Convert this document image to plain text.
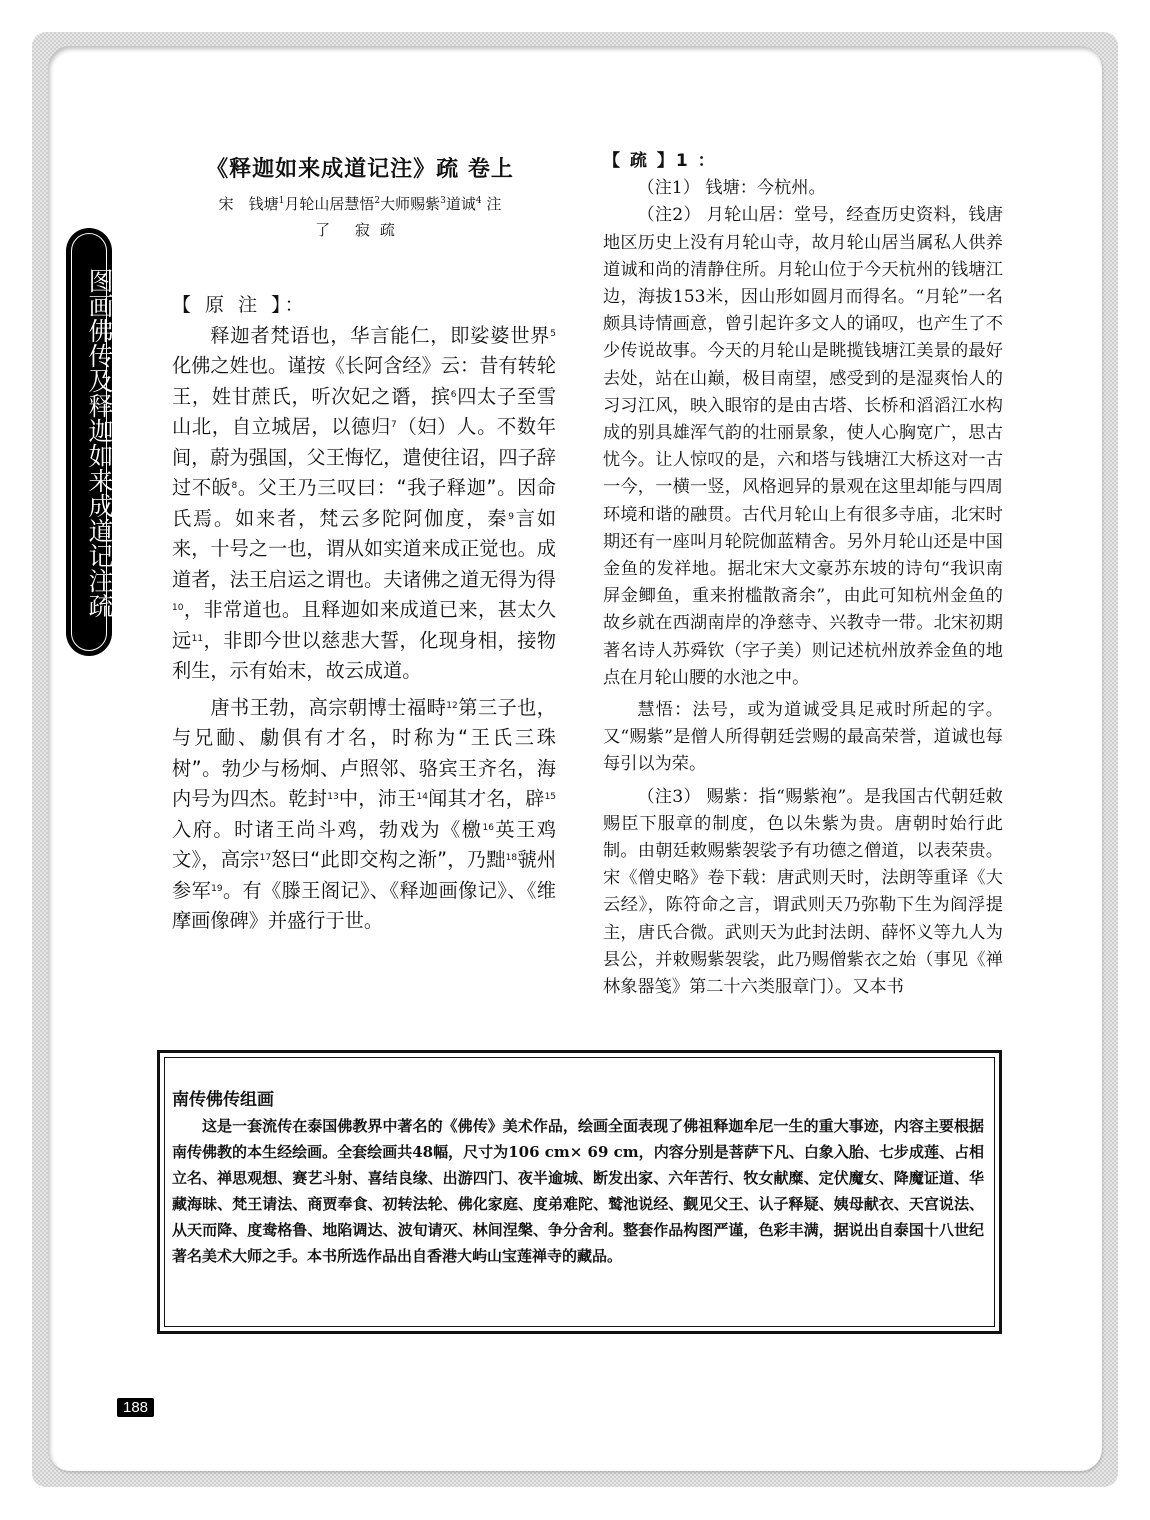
图画佛传及释迦如来成道记注疏
《释迦如来成道记注》疏 卷上
宋　钱塘$^1$月轮山居慧悟$^2$大师赐紫$^3$道诚$^4$ 注
了 寂疏
【 原 注 】：

释迦者梵语也，华言能仁，即娑婆世界$^5$化佛之姓也。谨按《长阿含经》云：昔有转轮王，姓甘蔗氏，听次妃之谮，摈$^6$四太子至雪山北，自立城居，以德归$^7$（妇）人。不数年间，蔚为强国，父王悔忆，遣使往诏，四子辞过不皈$^8$。父王乃三叹曰：“我子释迦”。因命氏焉。如来者，梵云多陀阿伽度，秦$^9$言如来，十号之一也，谓从如实道来成正觉也。成道者，法王启运之谓也。夫诸佛之道无得为得$^{10}$，非常道也。且释迦如来成道已来，甚太久远$^{11}$，非即今世以慈悲大誓，化现身相，接物利生，示有始末，故云成道。

唐书王勃，高宗朝博士福畤$^{12}$第三子也，与兄勔、勮俱有才名，时称为“王氏三珠树”。勃少与杨炯、卢照邻、骆宾王齐名，海内号为四杰。乾封$^{13}$中，沛王$^{14}$闻其才名，辟$^{15}$入府。时诸王尚斗鸡，勃戏为《檄$^{16}$英王鸡文》，高宗$^{17}$怒曰“此即交构之渐”，乃黜$^{18}$虢州参军$^{19}$。有《滕王阁记》、《释迦画像记》、《维摩画像碑》并盛行于世。

【 疏 】1 ：

（注1） 钱塘：今杭州。

（注2） 月轮山居：堂号，经查历史资料，钱唐地区历史上没有月轮山寺，故月轮山居当属私人供养道诚和尚的清静住所。月轮山位于今天杭州的钱塘江边，海拔153米，因山形如圆月而得名。“月轮”一名颇具诗情画意，曾引起许多文人的诵叹，也产生了不少传说故事。今天的月轮山是眺揽钱塘江美景的最好去处，站在山巅，极目南望，感受到的是湿爽怡人的习习江风，映入眼帘的是由古塔、长桥和滔滔江水构成的别具雄浑气韵的壮丽景象，使人心胸宽广，思古忧今。让人惊叹的是，六和塔与钱塘江大桥这对一古一今，一横一竖，风格迥异的景观在这里却能与四周环境和谐的融贯。古代月轮山上有很多寺庙，北宋时期还有一座叫月轮院伽蓝精舍。另外月轮山还是中国金鱼的发祥地。据北宋大文豪苏东坡的诗句“我识南屏金鲫鱼，重来拊槛散斋余”，由此可知杭州金鱼的故乡就在西湖南岸的净慈寺、兴教寺一带。北宋初期著名诗人苏舜钦（字子美）则记述杭州放养金鱼的地点在月轮山腰的水池之中。

慧悟：法号，或为道诚受具足戒时所起的字。又“赐紫”是僧人所得朝廷尝赐的最高荣誉，道诚也每每引以为荣。

（注3） 赐紫：指“赐紫袍”。是我国古代朝廷敕赐臣下服章的制度，色以朱紫为贵。唐朝时始行此制。由朝廷敕赐紫袈裟予有功德之僧道，以表荣贵。宋《僧史略》卷下载：唐武则天时，法朗等重译《大云经》，陈符命之言，谓武则天乃弥勒下生为阎浮提主，唐氏合微。武则天为此封法朗、薛怀义等九人为县公，并敕赐紫袈裟，此乃赐僧紫衣之始（事见《禅林象器笺》第二十六类服章门）。又本书

南传佛传组画

这是一套流传在泰国佛教界中著名的《佛传》美术作品，绘画全面表现了佛祖释迦牟尼一生的重大事迹，内容主要根据南传佛教的本生经绘画。全套绘画共48幅，尺寸为106 cm× 69 cm，内容分别是菩萨下凡、白象入胎、七步成莲、占相立名、禅思观想、赛艺斗射、喜结良缘、出游四门、夜半逾城、断发出家、六年苦行、牧女献糜、定伏魔女、降魔证道、华藏海昧、梵王请法、商贾奉食、初转法轮、佛化家庭、度弟难陀、鹫池说经、觐见父王、认子释疑、姨母献衣、天宫说法、从天而降、度鸯格鲁、地陷调达、波旬请灭、林间涅槃、争分舍利。整套作品构图严谨，色彩丰满，据说出自泰国十八世纪著名美术大师之手。本书所选作品出自香港大屿山宝莲禅寺的藏品。

188
